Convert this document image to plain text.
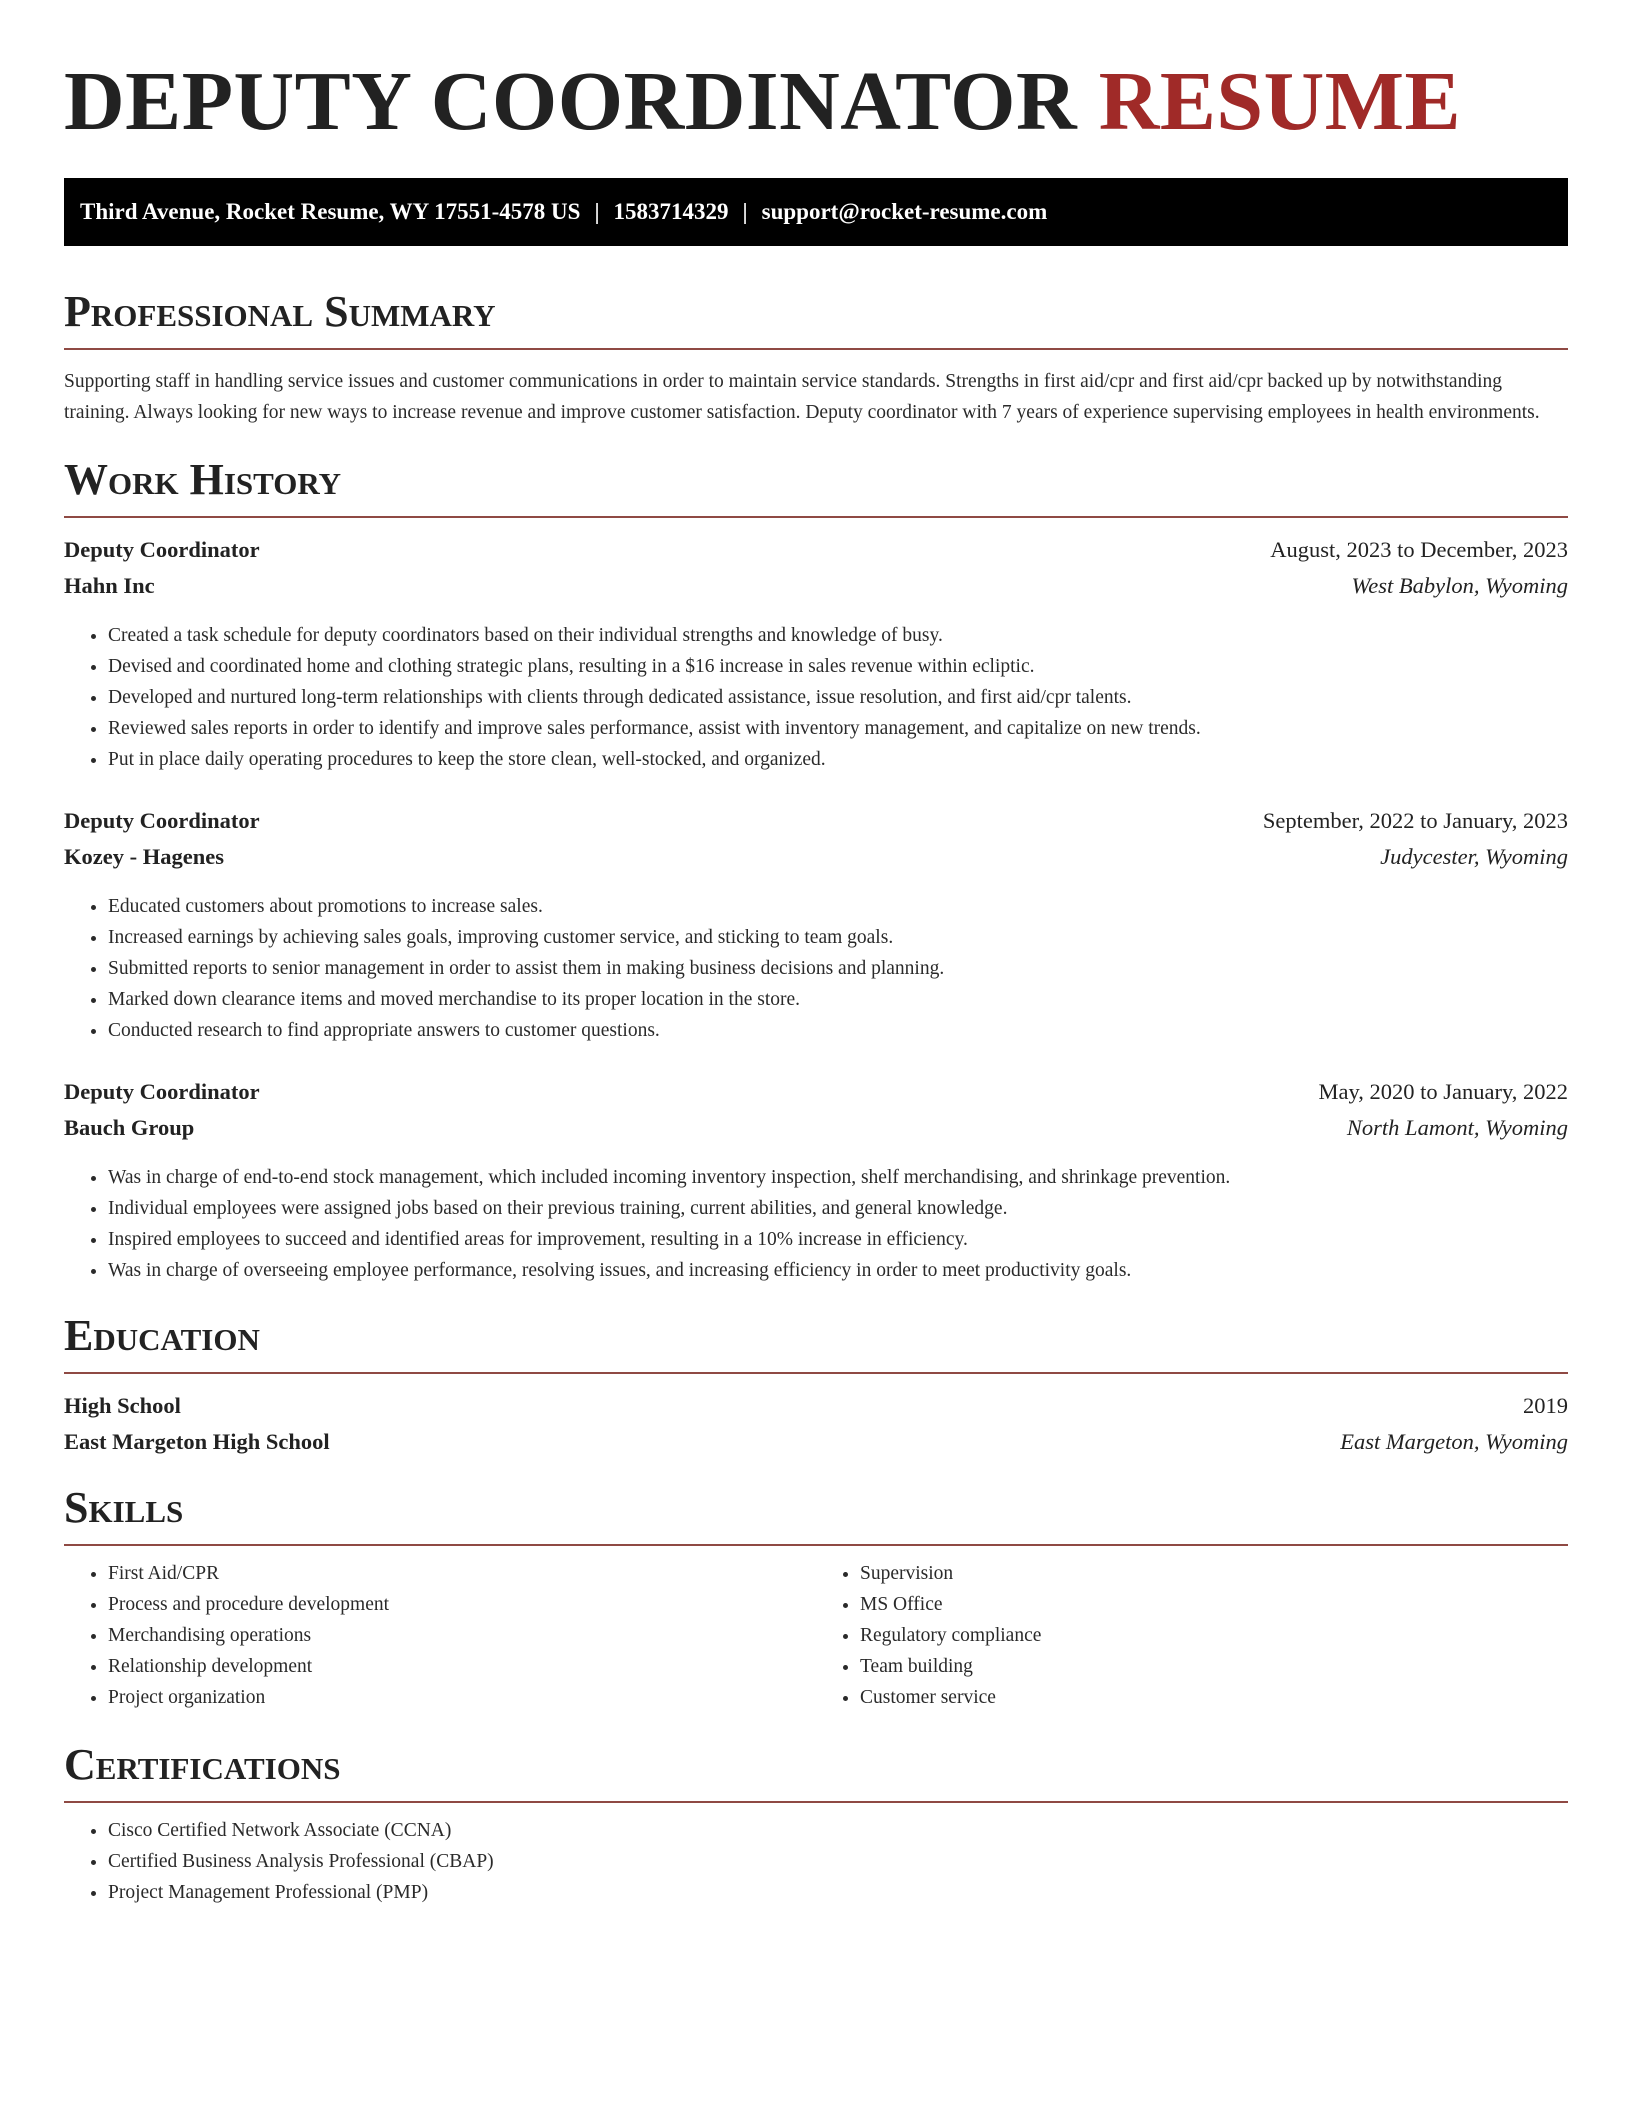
DEPUTY COORDINATOR RESUME
Third Avenue, Rocket Resume, WY 17551-4578 US | 1583714329 | support@rocket-resume.com
Professional Summary

Supporting staff in handling service issues and customer communications in order to maintain service standards. Strengths in first aid/cpr and first aid/cpr backed up by notwithstanding training. Always looking for new ways to increase revenue and improve customer satisfaction. Deputy coordinator with 7 years of experience supervising employees in health environments.

Work History
Deputy Coordinator	August, 2023 to December, 2023
Hahn Inc	West Babylon, Wyoming
• Created a task schedule for deputy coordinators based on their individual strengths and knowledge of busy.
• Devised and coordinated home and clothing strategic plans, resulting in a $16 increase in sales revenue within ecliptic.
• Developed and nurtured long-term relationships with clients through dedicated assistance, issue resolution, and first aid/cpr talents.
• Reviewed sales reports in order to identify and improve sales performance, assist with inventory management, and capitalize on new trends.
• Put in place daily operating procedures to keep the store clean, well-stocked, and organized.
Deputy Coordinator	September, 2022 to January, 2023
Kozey - Hagenes	Judycester, Wyoming
• Educated customers about promotions to increase sales.
• Increased earnings by achieving sales goals, improving customer service, and sticking to team goals.
• Submitted reports to senior management in order to assist them in making business decisions and planning.
• Marked down clearance items and moved merchandise to its proper location in the store.
• Conducted research to find appropriate answers to customer questions.
Deputy Coordinator	May, 2020 to January, 2022
Bauch Group	North Lamont, Wyoming
• Was in charge of end-to-end stock management, which included incoming inventory inspection, shelf merchandising, and shrinkage prevention.
• Individual employees were assigned jobs based on their previous training, current abilities, and general knowledge.
• Inspired employees to succeed and identified areas for improvement, resulting in a 10% increase in efficiency.
• Was in charge of overseeing employee performance, resolving issues, and increasing efficiency in order to meet productivity goals.
Education
High School	2019
East Margeton High School	East Margeton, Wyoming
Skills
• First Aid/CPR
• Process and procedure development
• Merchandising operations
• Relationship development
• Project organization
• Supervision
• MS Office
• Regulatory compliance
• Team building
• Customer service
Certifications
• Cisco Certified Network Associate (CCNA)
• Certified Business Analysis Professional (CBAP)
• Project Management Professional (PMP)
